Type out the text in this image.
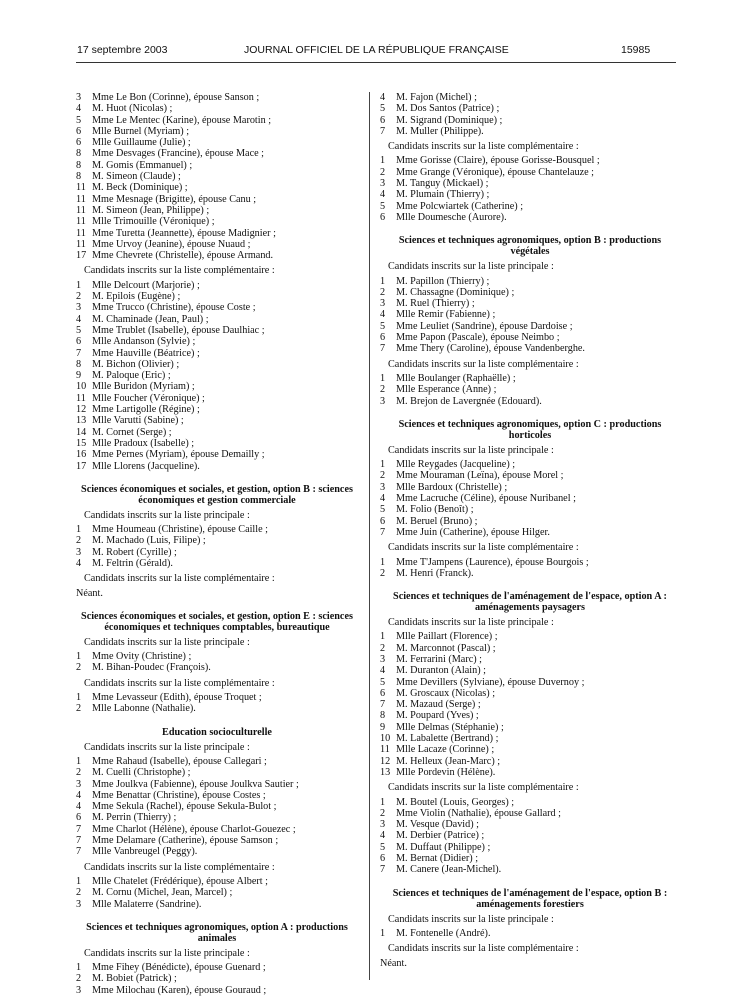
17 septembre 2003	JOURNAL OFFICIEL DE LA RÉPUBLIQUE FRANÇAISE	15985
3 Mme Le Bon (Corinne), épouse Sanson ;
4 M. Huot (Nicolas) ;
5 Mme Le Mentec (Karine), épouse Marotin ;
6 Mlle Burnel (Myriam) ;
6 Mlle Guillaume (Julie) ;
8 Mme Desvages (Francine), épouse Mace ;
8 M. Gomis (Emmanuel) ;
8 M. Simeon (Claude) ;
11 M. Beck (Dominique) ;
11 Mme Mesnage (Brigitte), épouse Canu ;
11 M. Simeon (Jean, Philippe) ;
11 Mlle Trimouille (Véronique) ;
11 Mme Turetta (Jeannette), épouse Madignier ;
11 Mme Urvoy (Jeanine), épouse Nuaud ;
17 Mme Chevrete (Christelle), épouse Armand.
Candidats inscrits sur la liste complémentaire :
1 Mlle Delcourt (Marjorie) ;
2 M. Epilois (Eugène) ;
3 Mme Trucco (Christine), épouse Coste ;
4 M. Chaminade (Jean, Paul) ;
5 Mme Trublet (Isabelle), épouse Daulhiac ;
6 Mlle Andanson (Sylvie) ;
7 Mme Hauville (Béatrice) ;
8 M. Bichon (Olivier) ;
9 M. Paloque (Eric) ;
10 Mlle Buridon (Myriam) ;
11 Mlle Foucher (Véronique) ;
12 Mme Lartigolle (Régine) ;
13 Mlle Varutti (Sabine) ;
14 M. Cornet (Serge) ;
15 Mlle Pradoux (Isabelle) ;
16 Mme Pernes (Myriam), épouse Demailly ;
17 Mlle Llorens (Jacqueline).
Sciences économiques et sociales, et gestion, option B : sciences économiques et gestion commerciale
Candidats inscrits sur la liste principale :
1 Mme Houmeau (Christine), épouse Caille ;
2 M. Machado (Luis, Filipe) ;
3 M. Robert (Cyrille) ;
4 M. Feltrin (Gérald).
Candidats inscrits sur la liste complémentaire :
Néant.
Sciences économiques et sociales, et gestion, option E : sciences économiques et techniques comptables, bureautique
Candidats inscrits sur la liste principale :
1 Mme Ovity (Christine) ;
2 M. Bihan-Poudec (François).
Candidats inscrits sur la liste complémentaire :
1 Mme Levasseur (Edith), épouse Troquet ;
2 Mlle Labonne (Nathalie).
Education socioculturelle
Candidats inscrits sur la liste principale :
1 Mme Rahaud (Isabelle), épouse Callegari ;
2 M. Cuelli (Christophe) ;
3 Mme Joulkva (Fabienne), épouse Joulkva Sautier ;
4 Mme Benattar (Christine), épouse Costes ;
4 Mme Sekula (Rachel), épouse Sekula-Bulot ;
6 M. Perrin (Thierry) ;
7 Mme Charlot (Hélène), épouse Charlot-Gouezec ;
7 Mme Delamare (Catherine), épouse Samson ;
7 Mlle Vanbreugel (Peggy).
Candidats inscrits sur la liste complémentaire :
1 Mlle Chatelet (Frédérique), épouse Albert ;
2 M. Cornu (Michel, Jean, Marcel) ;
3 Mlle Malaterre (Sandrine).
Sciences et techniques agronomiques, option A : productions animales
Candidats inscrits sur la liste principale :
1 Mme Fihey (Bénédicte), épouse Guenard ;
2 M. Bobiet (Patrick) ;
3 Mme Milochau (Karen), épouse Gouraud ;
4 M. Fajon (Michel) ;
5 M. Dos Santos (Patrice) ;
6 M. Sigrand (Dominique) ;
7 M. Muller (Philippe).
Candidats inscrits sur la liste complémentaire :
1 Mme Gorisse (Claire), épouse Gorisse-Bousquel ;
2 Mme Grange (Véronique), épouse Chantelauze ;
3 M. Tanguy (Mickael) ;
4 M. Plumain (Thierry) ;
5 Mme Polcwiartek (Catherine) ;
6 Mlle Doumesche (Aurore).
Sciences et techniques agronomiques, option B : productions végétales
Candidats inscrits sur la liste principale :
1 M. Papillon (Thierry) ;
2 M. Chassagne (Dominique) ;
3 M. Ruel (Thierry) ;
4 Mlle Remir (Fabienne) ;
5 Mme Leuliet (Sandrine), épouse Dardoise ;
6 Mme Papon (Pascale), épouse Neimbo ;
7 Mme Thery (Caroline), épouse Vandenberghe.
Candidats inscrits sur la liste complémentaire :
1 Mlle Boulanger (Raphaëlle) ;
2 Mlle Esperance (Anne) ;
3 M. Brejon de Lavergnée (Edouard).
Sciences et techniques agronomiques, option C : productions horticoles
Candidats inscrits sur la liste principale :
1 Mlle Reygades (Jacqueline) ;
2 Mme Mouraman (Leïna), épouse Morel ;
3 Mlle Bardoux (Christelle) ;
4 Mme Lacruche (Céline), épouse Nuribanel ;
5 M. Folio (Benoît) ;
6 M. Beruel (Bruno) ;
7 Mme Juin (Catherine), épouse Hilger.
Candidats inscrits sur la liste complémentaire :
1 Mme T'Jampens (Laurence), épouse Bourgois ;
2 M. Henri (Franck).
Sciences et techniques de l'aménagement de l'espace, option A : aménagements paysagers
Candidats inscrits sur la liste principale :
1 Mlle Paillart (Florence) ;
2 M. Marconnot (Pascal) ;
3 M. Ferrarini (Marc) ;
4 M. Duranton (Alain) ;
5 Mme Devillers (Sylviane), épouse Duvernoy ;
6 M. Groscaux (Nicolas) ;
7 M. Mazaud (Serge) ;
8 M. Poupard (Yves) ;
9 Mlle Delmas (Stéphanie) ;
10 M. Labalette (Bertrand) ;
11 Mlle Lacaze (Corinne) ;
12 M. Helleux (Jean-Marc) ;
13 Mlle Pordevin (Hélène).
Candidats inscrits sur la liste complémentaire :
1 M. Boutel (Louis, Georges) ;
2 Mme Violin (Nathalie), épouse Gallard ;
3 M. Vesque (David) ;
4 M. Derbier (Patrice) ;
5 M. Duffaut (Philippe) ;
6 M. Bernat (Didier) ;
7 M. Canere (Jean-Michel).
Sciences et techniques de l'aménagement de l'espace, option B : aménagements forestiers
Candidats inscrits sur la liste principale :
1 M. Fontenelle (André).
Candidats inscrits sur la liste complémentaire :
Néant.
